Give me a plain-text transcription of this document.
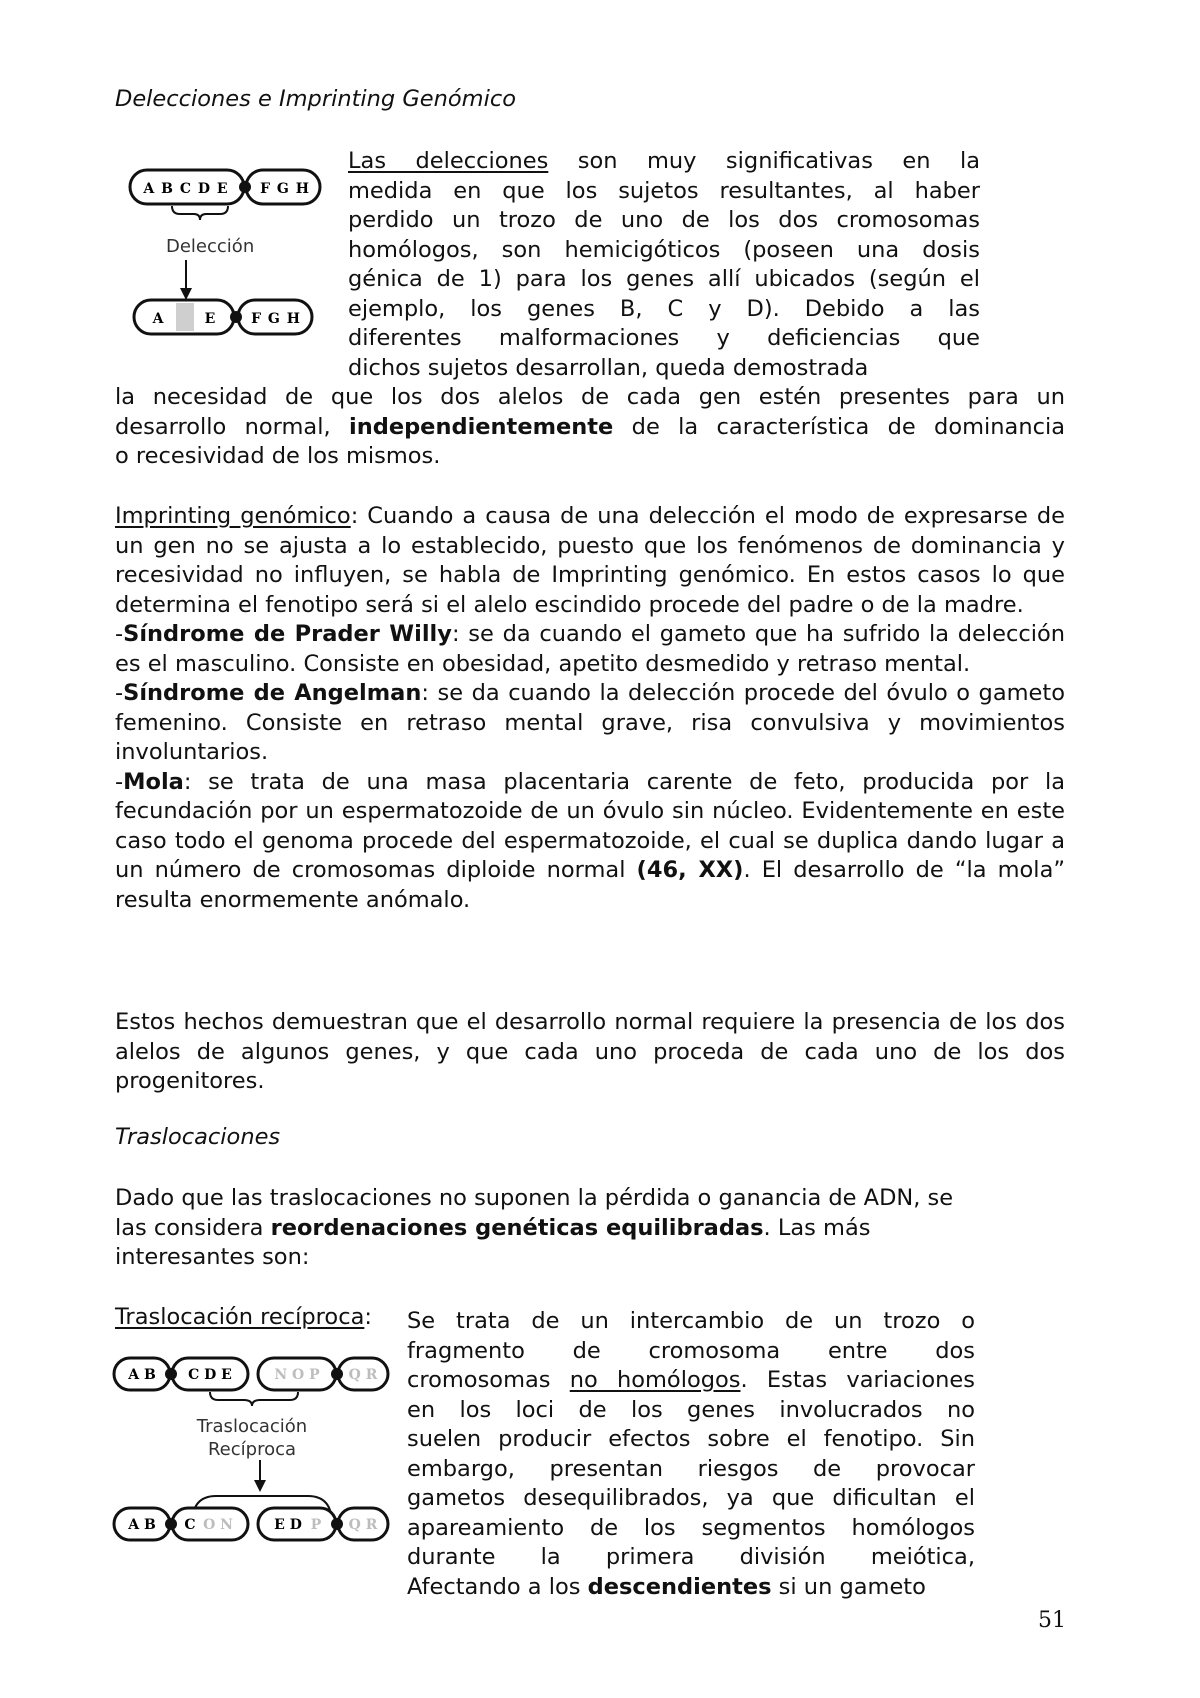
Delecciones e Imprinting Genómico
A B C D E F G H
Delección
A	E	F G H
Las delecciones son muy significativas en la
medida en que los sujetos resultantes, al haber
perdido un trozo de uno de los dos cromosomas
homólogos, son hemicigóticos (poseen una dosis
génica de 1) para los genes allí ubicados (según el
ejemplo, los genes B, C y D). Debido a las
diferentes malformaciones y deficiencias que
dichos sujetos desarrollan, queda demostrada
la necesidad de que los dos alelos de cada gen estén presentes para un
desarrollo normal, independientemente de la característica de dominancia
o recesividad de los mismos.
Imprinting genómico: Cuando a causa de una delección el modo de expresarse de un gen no se ajusta a lo establecido, puesto que los fenómenos de dominancia y recesividad no influyen, se habla de Imprinting genómico. En estos casos lo que determina el fenotipo será si el alelo escindido procede del padre o de la madre.
-Síndrome de Prader Willy: se da cuando el gameto que ha sufrido la delección es el masculino. Consiste en obesidad, apetito desmedido y retraso mental.
-Síndrome de Angelman: se da cuando la delección procede del óvulo o gameto femenino. Consiste en retraso mental grave, risa convulsiva y movimientos involuntarios.
-Mola: se trata de una masa placentaria carente de feto, producida por la fecundación por un espermatozoide de un óvulo sin núcleo. Evidentemente en este caso todo el genoma procede del espermatozoide, el cual se duplica dando lugar a un número de cromosomas diploide normal (46, XX). El desarrollo de “la mola” resulta enormemente anómalo.
Estos hechos demuestran que el desarrollo normal requiere la presencia de los dos alelos de algunos genes, y que cada uno proceda de cada uno de los dos progenitores.
Traslocaciones
Dado que las traslocaciones no suponen la pérdida o ganancia de ADN, se
las considera reordenaciones genéticas equilibradas. Las más
interesantes son:
Traslocación recíproca: Se trata de un intercambio de un trozo o
fragmento de cromosoma entre dos
cromosomas no homólogos. Estas variaciones
en los loci de los genes involucrados no
suelen producir efectos sobre el fenotipo. Sin
embargo, presentan riesgos de provocar
gametos desequilibrados, ya que dificultan el
apareamiento de los segmentos homólogos
durante la primera división meiótica,
Afectando a los descendientes si un gameto
A B C D E	N O P Q R
Traslocación
Recíproca
A B C O N	E D P Q R
51
